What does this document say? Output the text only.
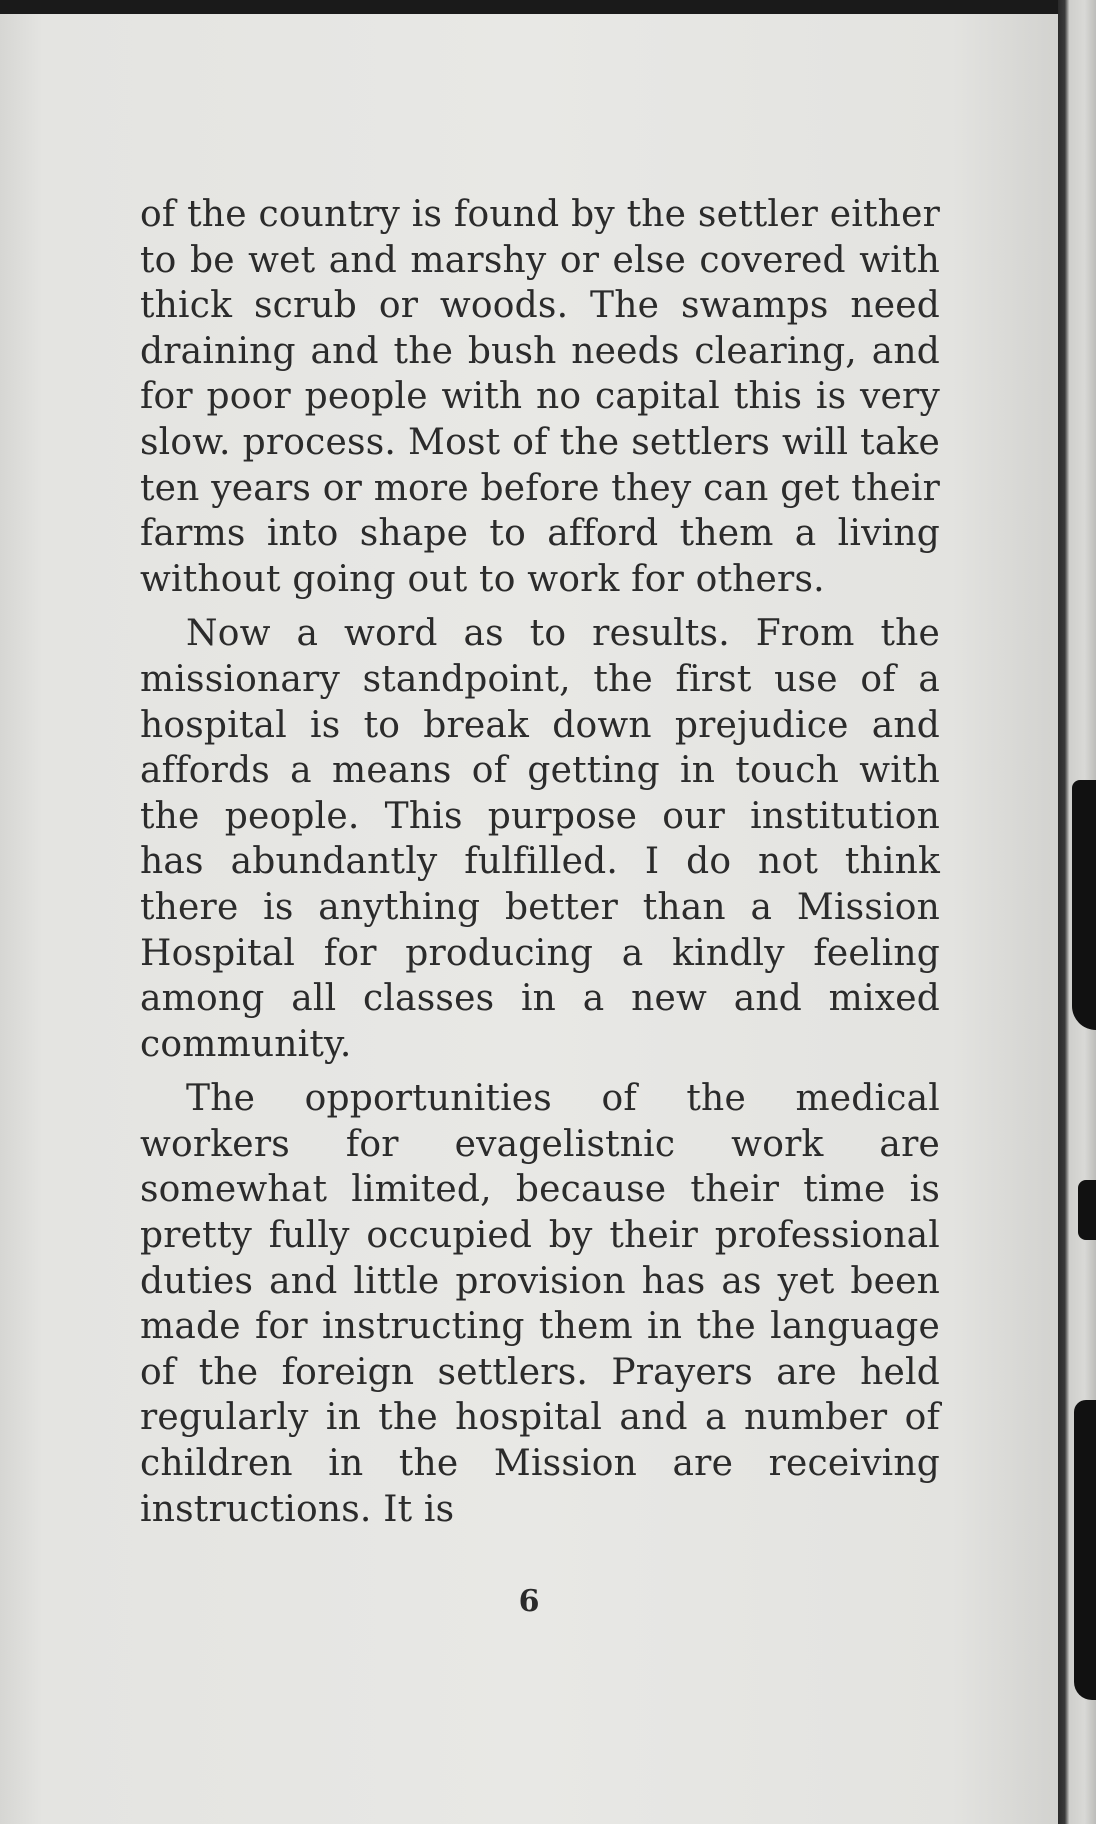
of the country is found by the settler either to be wet and marshy or else covered with thick scrub or woods. The swamps need draining and the bush needs clearing, and for poor people with no capital this is very slow. process. Most of the settlers will take ten years or more before they can get their farms into shape to afford them a living without going out to work for others.

Now a word as to results. From the missionary standpoint, the first use of a hospital is to break down prejudice and affords a means of getting in touch with the people. This purpose our institution has abundantly fulfilled. I do not think there is anything better than a Mission Hospital for producing a kindly feeling among all classes in a new and mixed community.

The opportunities of the medical workers for evagelistnic work are somewhat limited, because their time is pretty fully occupied by their professional duties and little provision has as yet been made for instructing them in the language of the foreign settlers. Prayers are held regularly in the hospital and a number of children in the Mission are receiving instructions. It is

6
